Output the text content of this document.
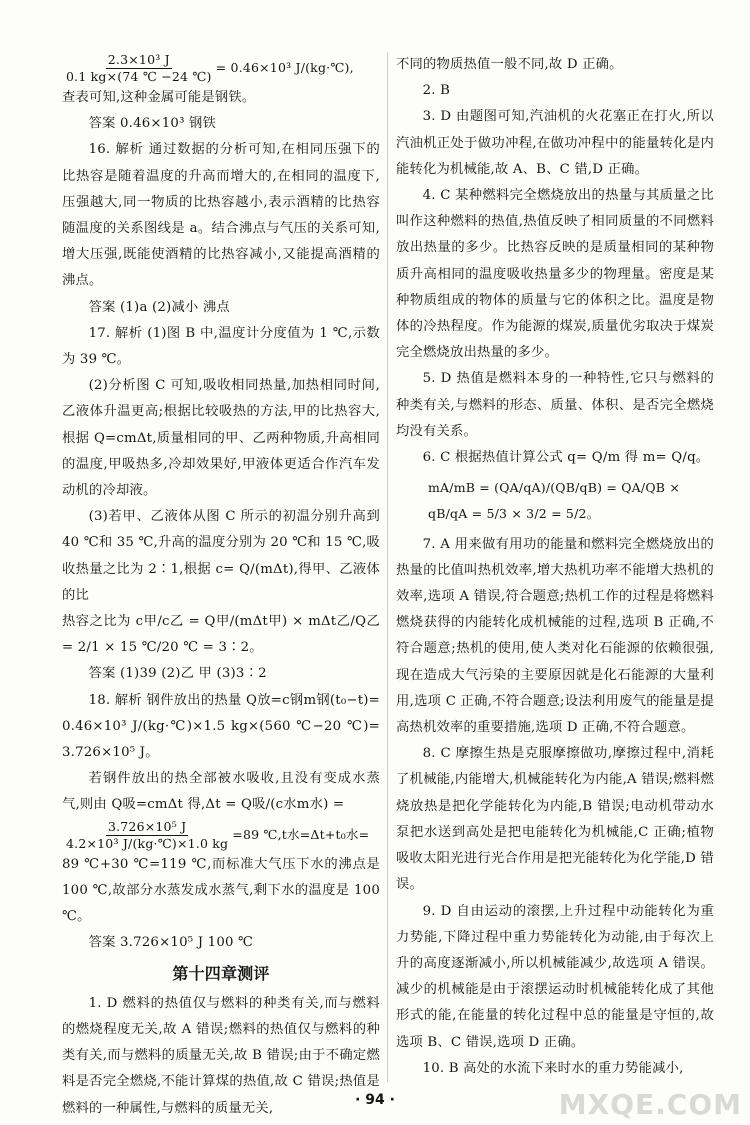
$\frac{\text{2.3×10³ J}}{0.1 kg\times(74 ℃ -24 ℃)} = 0.46\times 10^3$ J/(kg·℃),

查表可知,这种金属可能是钢铁。

答案 0.46×10³ 钢铁

16. 解析 通过数据的分析可知,在相同压强下的比热容是随着温度的升高而增大的,在相同的温度下,压强越大,同一物质的比热容越小,表示酒精的比热容随温度的关系图线是 a。结合沸点与气压的关系可知,增大压强,既能使酒精的比热容减小,又能提高酒精的沸点。

答案 (1)a (2)减小 沸点

17. 解析 (1)图 B 中,温度计分度值为 1 ℃,示数为 39 ℃。

(2)分析图 C 可知,吸收相同热量,加热相同时间,乙液体升温更高;根据比较吸热的方法,甲的比热容大,根据 Q=cmΔt,质量相同的甲、乙两种物质,升高相同的温度,甲吸热多,冷却效果好,甲液体更适合作汽车发动机的冷却液。

(3)若甲、乙液体从图 C 所示的初温分别升高到 40 ℃和 35 ℃,升高的温度分别为 20 ℃和 15 ℃,吸收热量之比为 2∶1,根据 c= Q/(mΔt),得甲、乙液体的比

热容之比为 c甲/c乙 = Q甲/(mΔt甲) × mΔt乙/Q乙 = 2/1 × 15 ℃/20 ℃ = 3∶2。

答案 (1)39 (2)乙 甲 (3)3∶2

18. 解析 钢件放出的热量 Q放=c钢m钢(t₀−t)= 0.46×10³ J/(kg·℃)×1.5 kg×(560 ℃−20 ℃)= 3.726×10⁵ J。

若钢件放出的热全部被水吸收,且没有变成水蒸气,则由 Q吸=cmΔt 得,Δt = Q吸/(c水m水) =

$\frac{\text{3.726×10⁵ J}}{\text{4.2×10³ J/(kg·℃)×1.0 kg}} =89$ ℃,t水=Δt+t₀水=

89 ℃+30 ℃=119 ℃,而标准大气压下水的沸点是 100 ℃,故部分水蒸发成水蒸气,剩下水的温度是 100 ℃。

答案 3.726×10⁵ J 100 ℃

第十四章测评

1. D 燃料的热值仅与燃料的种类有关,而与燃料的燃烧程度无关,故 A 错误;燃料的热值仅与燃料的种类有关,而与燃料的质量无关,故 B 错误;由于不确定燃料是否完全燃烧,不能计算煤的热值,故 C 错误;热值是燃料的一种属性,与燃料的质量无关,

不同的物质热值一般不同,故 D 正确。

2. B

3. D 由题图可知,汽油机的火花塞正在打火,所以汽油机正处于做功冲程,在做功冲程中的能量转化是内能转化为机械能,故 A、B、C 错,D 正确。

4. C 某种燃料完全燃烧放出的热量与其质量之比叫作这种燃料的热值,热值反映了相同质量的不同燃料放出热量的多少。比热容反映的是质量相同的某种物质升高相同的温度吸收热量多少的物理量。密度是某种物质组成的物体的质量与它的体积之比。温度是物体的冷热程度。作为能源的煤炭,质量优劣取决于煤炭完全燃烧放出热量的多少。

5. D 热值是燃料本身的一种特性,它只与燃料的种类有关,与燃料的形态、质量、体积、是否完全燃烧均没有关系。

6. C 根据热值计算公式 q= Q/m 得 m= Q/q。

mA/mB = (QA/qA)/(QB/qB) = QA/QB × qB/qA = 5/3 × 3/2 = 5/2。

7. A 用来做有用功的能量和燃料完全燃烧放出的热量的比值叫热机效率,增大热机功率不能增大热机的效率,选项 A 错误,符合题意;热机工作的过程是将燃料燃烧获得的内能转化成机械能的过程,选项 B 正确,不符合题意;热机的使用,使人类对化石能源的依赖很强,现在造成大气污染的主要原因就是化石能源的大量利用,选项 C 正确,不符合题意;设法利用废气的能量是提高热机效率的重要措施,选项 D 正确,不符合题意。

8. C 摩擦生热是克服摩擦做功,摩擦过程中,消耗了机械能,内能增大,机械能转化为内能,A 错误;燃料燃烧放热是把化学能转化为内能,B 错误;电动机带动水泵把水送到高处是把电能转化为机械能,C 正确;植物吸收太阳光进行光合作用是把光能转化为化学能,D 错误。

9. D 自由运动的滚摆,上升过程中动能转化为重力势能,下降过程中重力势能转化为动能,由于每次上升的高度逐渐减小,所以机械能减少,故选项 A 错误。减少的机械能是由于滚摆运动时机械能转化成了其他形式的能,在能量的转化过程中总的能量是守恒的,故选项 B、C 错误,选项 D 正确。

10. B 高处的水流下来时水的重力势能减小,

· 94 ·	MXQE.COM
